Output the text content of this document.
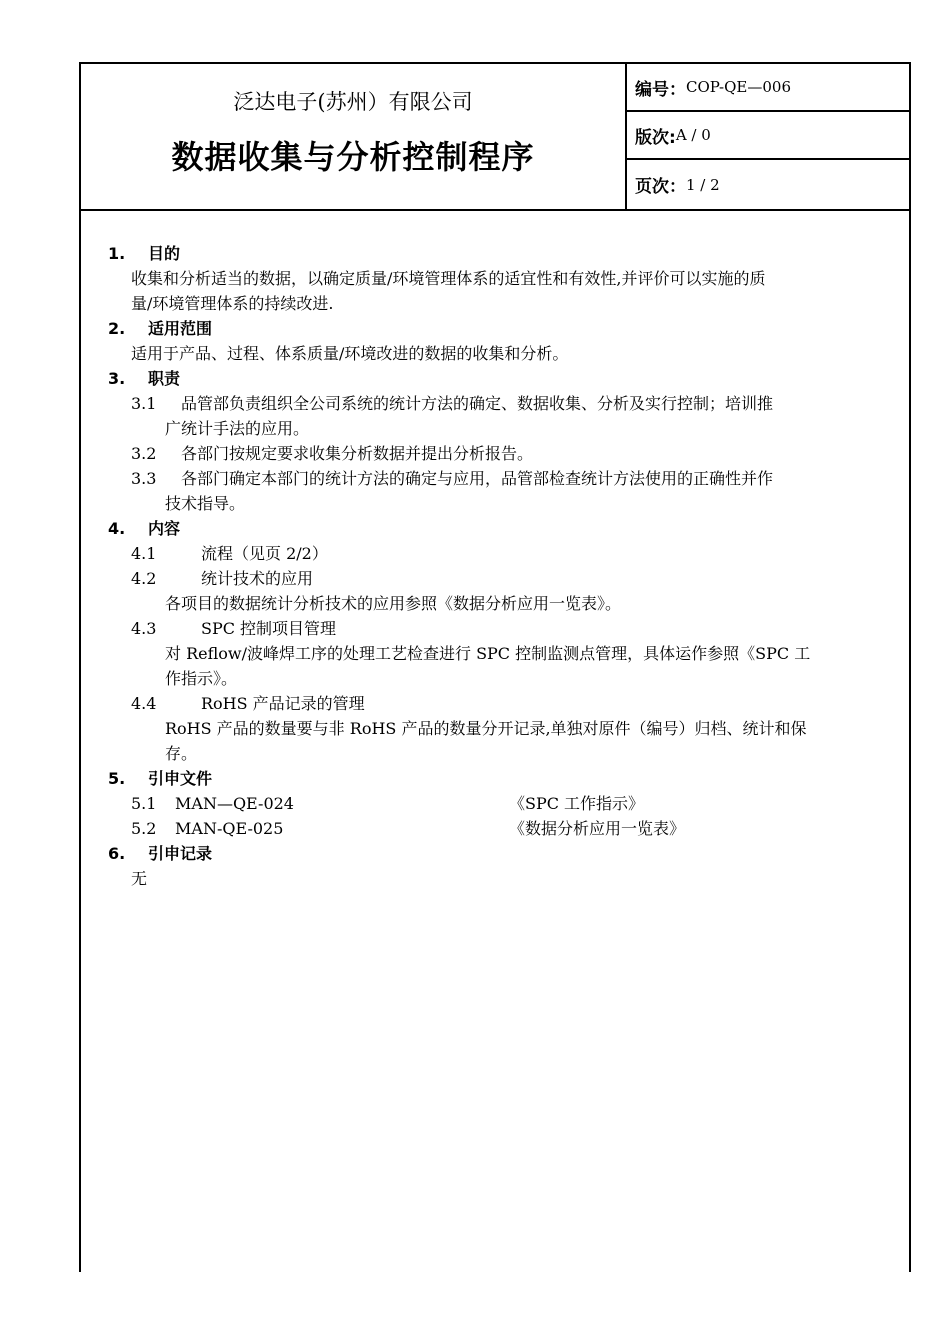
泛达电子(苏州）有限公司
数据收集与分析控制程序
编号： COP-QE—006
版次: A / 0
页次： 1 / 2
1. 目的
收集和分析适当的数据，以确定质量/环境管理体系的适宜性和有效性,并评价可以实施的质
量/环境管理体系的持续改进.
2. 适用范围
适用于产品、过程、体系质量/环境改进的数据的收集和分析。
3. 职责
3.1 品管部负责组织全公司系统的统计方法的确定、数据收集、分析及实行控制；培训推
广统计手法的应用。
3.2 各部门按规定要求收集分析数据并提出分析报告。
3.3 各部门确定本部门的统计方法的确定与应用，品管部检查统计方法使用的正确性并作
技术指导。
4. 内容
4.1	流程（见页 2/2）
4.2	统计技术的应用
各项目的数据统计分析技术的应用参照《数据分析应用一览表》。
4.3	SPC 控制项目管理
对 Reflow/波峰焊工序的处理工艺检查进行 SPC 控制监测点管理，具体运作参照《SPC 工
作指示》。
4.4	RoHS 产品记录的管理
RoHS 产品的数量要与非 RoHS 产品的数量分开记录,单独对原件（编号）归档、统计和保
存。
5. 引申文件
5.1 MAN—QE-024	《SPC 工作指示》
5.2 MAN-QE-025	《数据分析应用一览表》
6. 引申记录
无
